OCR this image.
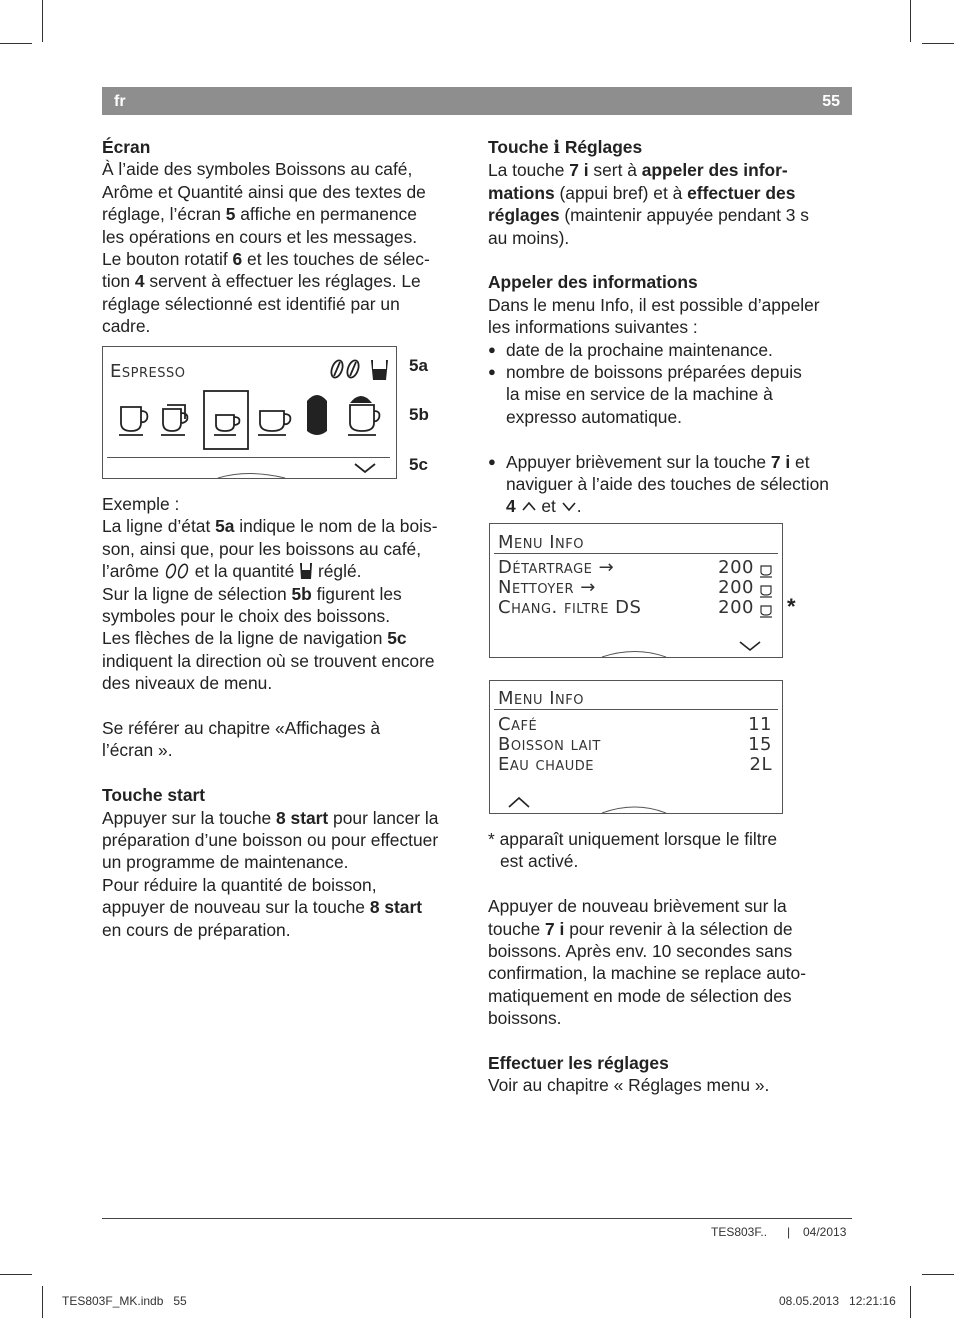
fr	55

Écran

À l’aide des symboles Boissons au café,

Arôme et Quantité ainsi que des textes de

réglage, l’écran 5 affiche en permanence

les opérations en cours et les messages.

Le bouton rotatif 6 et les touches de sélec-

tion 4 servent à effectuer les réglages. Le

réglage sélectionné est identifié par un

cadre.

Espresso	5a
5b
5c

Exemple :

La ligne d’état 5a indique le nom de la bois-

son, ainsi que, pour les boissons au café,

l’arôme  et la quantité  réglé.

Sur la ligne de sélection 5b figurent les

symboles pour le choix des boissons.

Les flèches de la ligne de navigation 5c

indiquent la direction où se trouvent encore

des niveaux de menu.

Se référer au chapitre «Affichages à

l’écran ».

Touche start

Appuyer sur la touche 8 start pour lancer la

préparation d’une boisson ou pour effectuer

un programme de maintenance.

Pour réduire la quantité de boisson,

appuyer de nouveau sur la touche 8 start

en cours de préparation.

Touche i Réglages

La touche 7 i sert à appeler des infor-

mations (appui bref) et à effectuer des

réglages (maintenir appuyée pendant 3 s

au moins).

Appeler des informations

Dans le menu Info, il est possible d’appeler

les informations suivantes :

● date de la prochaine maintenance.

● nombre de boissons préparées depuis

la mise en service de la machine à

expresso automatique.

● Appuyer brièvement sur la touche 7 i et

naviguer à l’aide des touches de sélection

4  et .

Menu Info
Détartrage →	200
Nettoyer →	200
Chang. filtre DS	200 *
Menu Info
Café	11
Boisson lait	15
Eau chaude	2L

* apparaît uniquement lorsque le filtre

est activé.

Appuyer de nouveau brièvement sur la

touche 7 i pour revenir à la sélection de

boissons. Après env. 10 secondes sans

confirmation, la machine se replace auto-

matiquement en mode de sélection des

boissons.

Effectuer les réglages

Voir au chapitre « Réglages menu ».

TES803F.. | 04/2013
TES803F_MK.indb   55	08.05.2013   12:21:16
